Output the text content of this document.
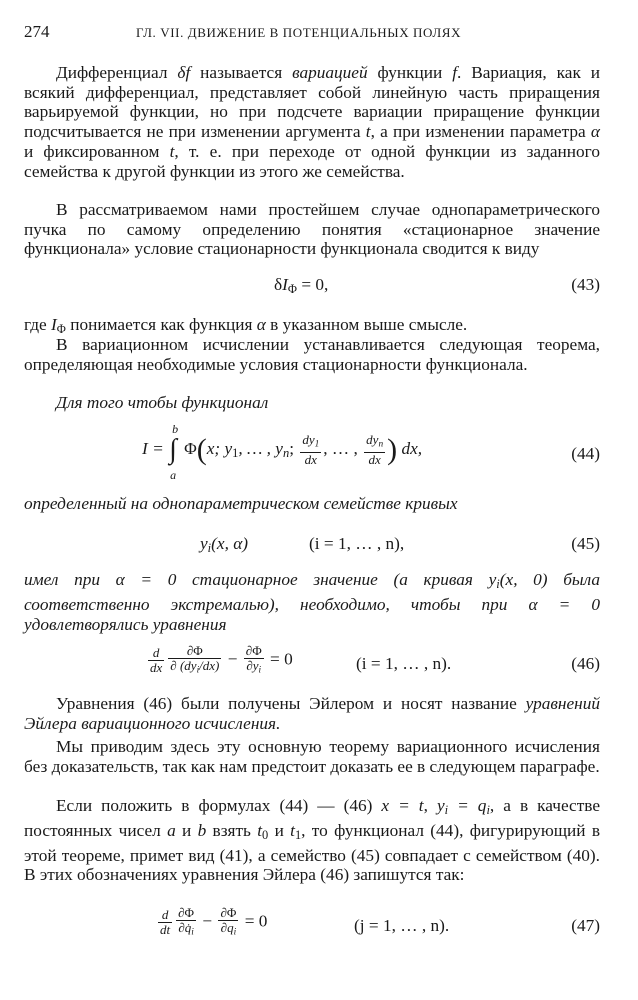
274	ГЛ. VII. ДВИЖЕНИЕ В ПОТЕНЦИАЛЬНЫХ ПОЛЯХ
Дифференциал δf называется вариацией функции f. Вариация, как и всякий дифференциал, представляет собой линейную часть приращения варьируемой функции, но при подсчете вариации приращение функции подсчитывается не при изменении аргумента t, а при изменении параметра α и фиксированном t, т. е. при переходе от одной функции из заданного семейства к другой функции из этого же семейства.
В рассматриваемом нами простейшем случае однопараметрического пучка по самому определению понятия «стационарное значение функционала» условие стационарности функционала сводится к виду
$\delta I_\Phi = 0$,	(43)
где $I_\Phi$ понимается как функция α в указанном выше смысле.
В вариационном исчислении устанавливается следующая теорема, определяющая необходимые условия стационарности функционала.
Для того чтобы функционал
I =
b
∫
a
Φ(x; $y_1$, … , $y_n$; $\frac{dy_1}{dx}$ , … , $\frac{dy_n}{dx}$ ) dx,	(44)
определенный на однопараметрическом семействе кривых
$y_i(x$, α)	(i = 1, … , n),	(45)
имел при α = 0 стационарное значение (а кривая $y_i(x$, 0) была соответственно экстремалью), необходимо, чтобы при α = 0 удовлетворялись уравнения
$\frac{d}{dx} \frac{\partial\Phi}{\partial (dy_i/dx)} - \frac{\partial\Phi}{\partial y_i} = 0$	(i = 1, … , n).	(46)
Уравнения (46) были получены Эйлером и носят название уравнений Эйлера вариационного исчисления.
Мы приводим здесь эту основную теорему вариационного исчисления без доказательств, так как нам предстоит доказать ее в следующем параграфе.
Если положить в формулах (44) — (46) x = t, $y_i = q_i$, а в качестве постоянных чисел a и b взять $t_0$ и $t_1$, то функционал (44), фигурирующий в этой теореме, примет вид (41), а семейство (45) совпадает с семейством (40). В этих обозначениях уравнения Эйлера (46) запишутся так:
$\frac{d}{dt} \frac{\partial\Phi}{\partial q̇_i} - \frac{\partial\Phi}{\partial q_i} = 0$	(j = 1, … , n).	(47)
